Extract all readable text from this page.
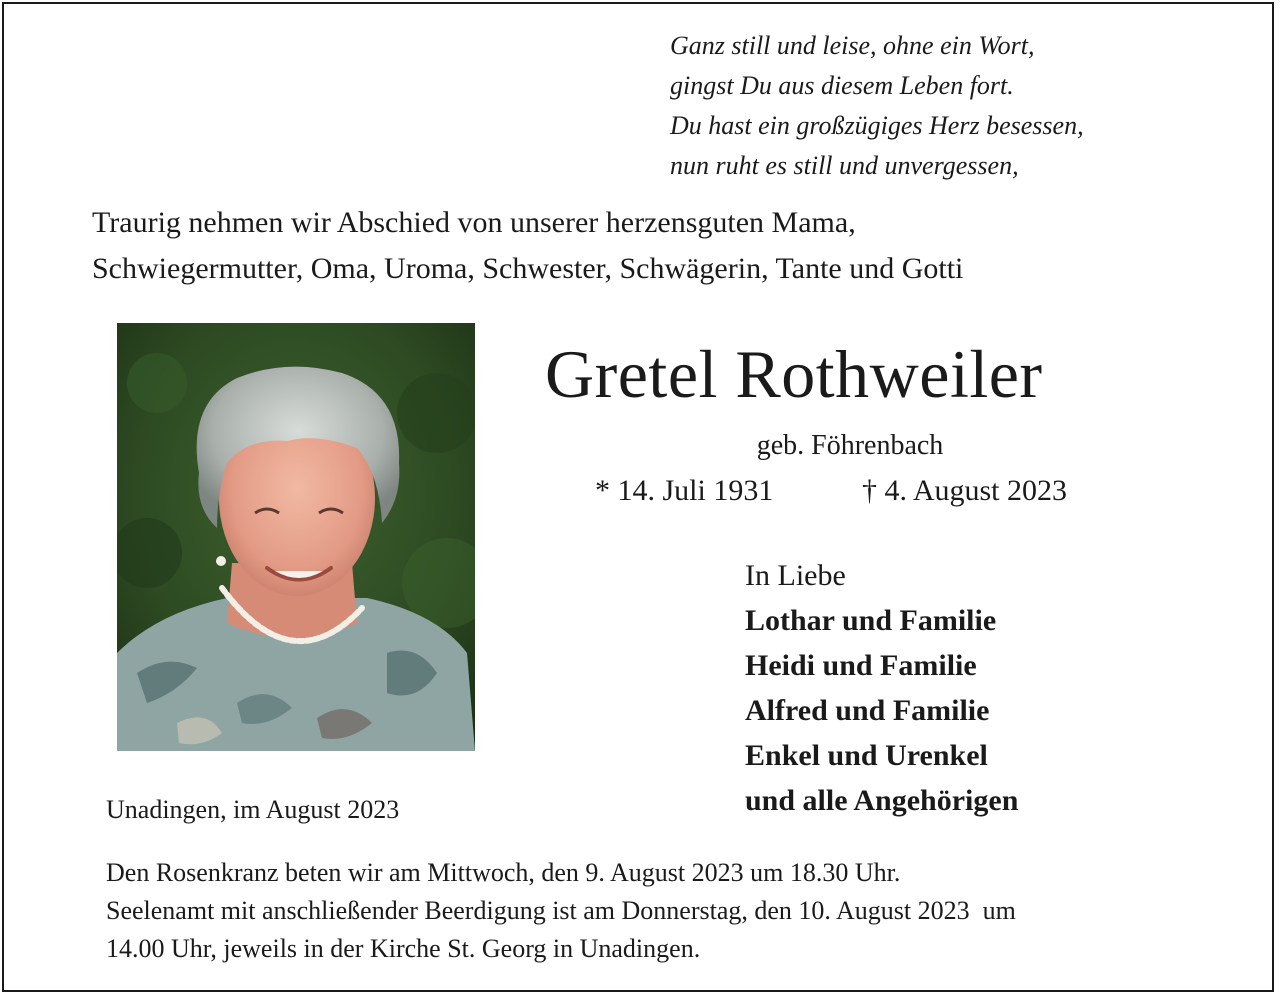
Ganz still und leise, ohne ein Wort,
gingst Du aus diesem Leben fort.
Du hast ein großzügiges Herz besessen,
nun ruht es still und unvergessen,
Traurig nehmen wir Abschied von unserer herzensguten Mama,
Schwiegermutter, Oma, Uroma, Schwester, Schwägerin, Tante und Gotti
Gretel Rothweiler
geb. Föhrenbach
* 14. Juli 1931	† 4. August 2023
In Liebe
Lothar und Familie
Heidi und Familie
Alfred und Familie
Enkel und Urenkel
und alle Angehörigen
Unadingen, im August 2023
Den Rosenkranz beten wir am Mittwoch, den 9. August 2023 um 18.30 Uhr.
Seelenamt mit anschließender Beerdigung ist am Donnerstag, den 10. August 2023  um
14.00 Uhr, jeweils in der Kirche St. Georg in Unadingen.
